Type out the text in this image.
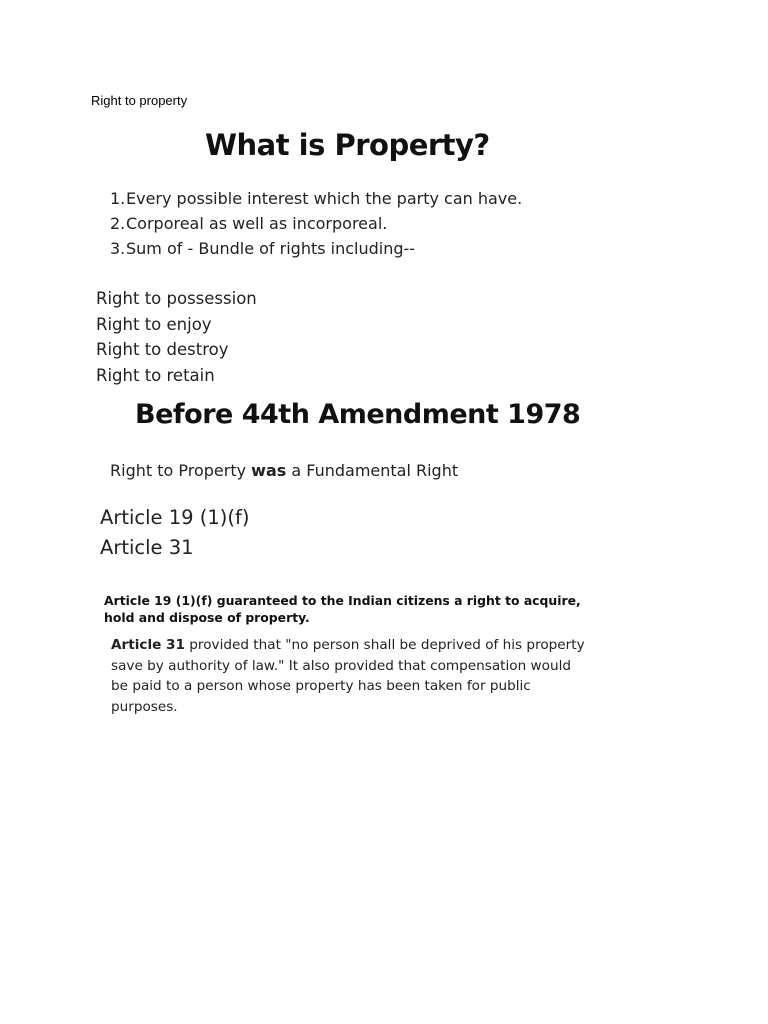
Right to property
What is Property?
1.Every possible interest which the party can have.
2.Corporeal as well as incorporeal.
3.Sum of - Bundle of rights including--
Right to possession
Right to enjoy
Right to destroy
Right to retain
Before 44th Amendment 1978
Right to Property was a Fundamental Right
Article 19 (1)(f)
Article 31
Article 19 (1)(f) guaranteed to the Indian citizens a right to acquire, hold and dispose of property.
Article 31 provided that "no person shall be deprived of his property save by authority of law." It also provided that compensation would be paid to a person whose property has been taken for public purposes.
